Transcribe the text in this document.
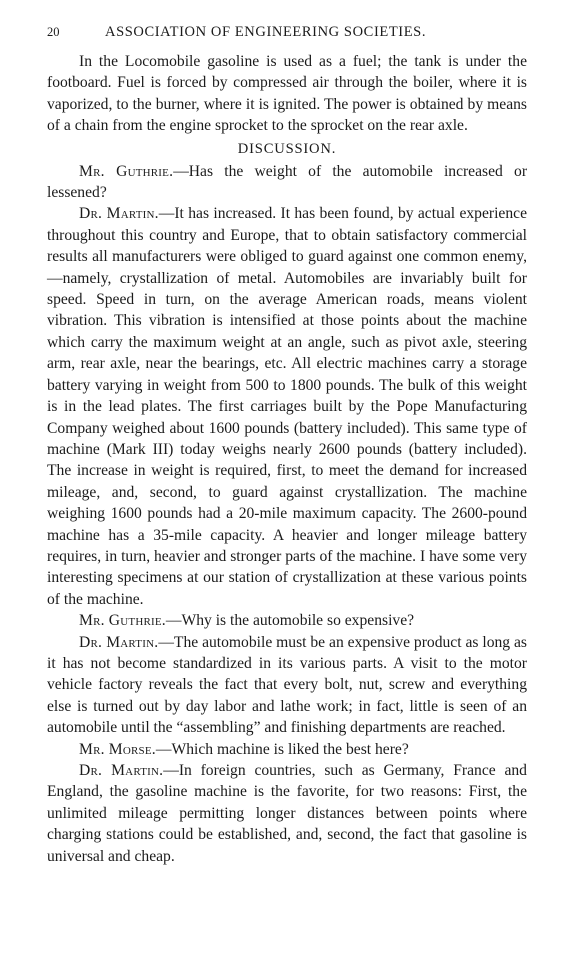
20	ASSOCIATION OF ENGINEERING SOCIETIES.

In the Locomobile gasoline is used as a fuel; the tank is under the footboard. Fuel is forced by compressed air through the boiler, where it is vaporized, to the burner, where it is ignited. The power is obtained by means of a chain from the engine sprocket to the sprocket on the rear axle.

DISCUSSION.

Mr. Guthrie.—Has the weight of the automobile increased or lessened?

Dr. Martin.—It has increased. It has been found, by actual experience throughout this country and Europe, that to obtain satisfactory commercial results all manufacturers were obliged to guard against one common enemy,—namely, crystallization of metal. Automobiles are invariably built for speed. Speed in turn, on the average American roads, means violent vibration. This vibration is intensified at those points about the machine which carry the maximum weight at an angle, such as pivot axle, steering arm, rear axle, near the bearings, etc. All electric machines carry a storage battery varying in weight from 500 to 1800 pounds. The bulk of this weight is in the lead plates. The first carriages built by the Pope Manufacturing Company weighed about 1600 pounds (battery included). This same type of machine (Mark III) today weighs nearly 2600 pounds (battery included). The increase in weight is required, first, to meet the demand for increased mileage, and, second, to guard against crystallization. The machine weighing 1600 pounds had a 20-mile maximum capacity. The 2600-pound machine has a 35-mile capacity. A heavier and longer mileage battery requires, in turn, heavier and stronger parts of the machine. I have some very interesting specimens at our station of crystallization at these various points of the machine.

Mr. Guthrie.—Why is the automobile so expensive?

Dr. Martin.—The automobile must be an expensive product as long as it has not become standardized in its various parts. A visit to the motor vehicle factory reveals the fact that every bolt, nut, screw and everything else is turned out by day labor and lathe work; in fact, little is seen of an automobile until the “assembling” and finishing departments are reached.

Mr. Morse.—Which machine is liked the best here?

Dr. Martin.—In foreign countries, such as Germany, France and England, the gasoline machine is the favorite, for two reasons: First, the unlimited mileage permitting longer distances between points where charging stations could be established, and, second, the fact that gasoline is universal and cheap.
